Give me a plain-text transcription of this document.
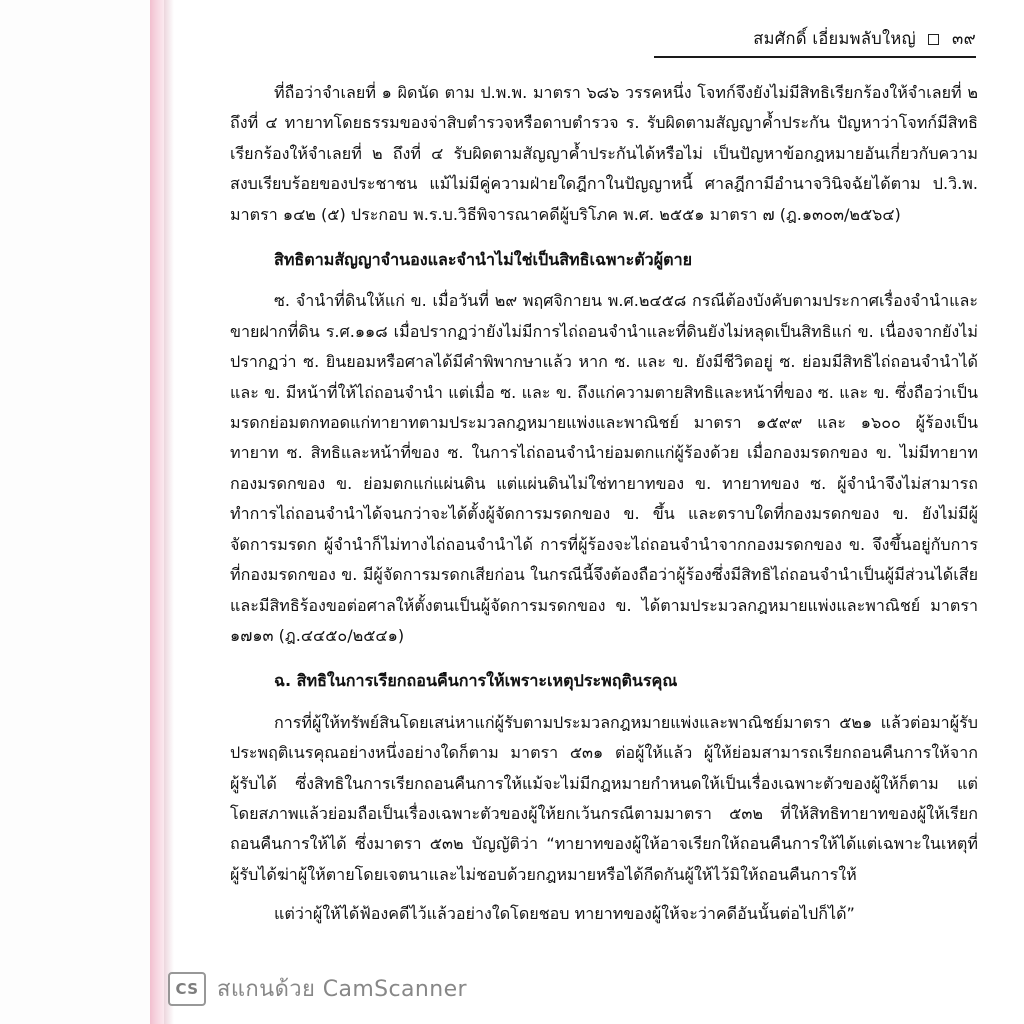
สมศักดิ์ เอี่ยมพลับใหญ่ ๓๙

ที่ถือว่าจำเลยที่ ๑ ผิดนัด ตาม ป.พ.พ. มาตรา ๖๘๖ วรรคหนึ่ง โจทก์จึงยังไม่มีสิทธิเรียกร้องให้จำเลยที่ ๒ ถึงที่ ๔ ทายาทโดยธรรมของจ่าสิบตำรวจหรือดาบตำรวจ ร. รับผิดตามสัญญาค้ำประกัน ปัญหาว่าโจทก์มีสิทธิเรียกร้องให้จำเลยที่ ๒ ถึงที่ ๔ รับผิดตามสัญญาค้ำประกันได้หรือไม่ เป็นปัญหาข้อกฎหมายอันเกี่ยวกับความสงบเรียบร้อยของประชาชน แม้ไม่มีคู่ความฝ่ายใดฎีกาในปัญญาหนี้ ศาลฎีกามีอำนาจวินิจฉัยได้ตาม ป.วิ.พ. มาตรา ๑๔๒ (๕) ประกอบ พ.ร.บ.วิธีพิจารณาคดีผู้บริโภค พ.ศ. ๒๕๕๑ มาตรา ๗ (ฎ.๑๓๐๓/๒๕๖๔)

สิทธิตามสัญญาจำนองและจำนำไม่ใช่เป็นสิทธิเฉพาะตัวผู้ตาย

ซ. จำนำที่ดินให้แก่ ข. เมื่อวันที่ ๒๙ พฤศจิกายน พ.ศ.๒๔๕๘ กรณีต้องบังคับตามประกาศเรื่องจำนำและขายฝากที่ดิน ร.ศ.๑๑๘ เมื่อปรากฏว่ายังไม่มีการไถ่ถอนจำนำและที่ดินยังไม่หลุดเป็นสิทธิแก่ ข. เนื่องจากยังไม่ปรากฏว่า ซ. ยินยอมหรือศาลได้มีคำพิพากษาแล้ว หาก ซ. และ ข. ยังมีชีวิตอยู่ ซ. ย่อมมีสิทธิไถ่ถอนจำนำได้ และ ข. มีหน้าที่ให้ไถ่ถอนจำนำ แต่เมื่อ ซ. และ ข. ถึงแก่ความตายสิทธิและหน้าที่ของ ซ. และ ข. ซึ่งถือว่าเป็นมรดกย่อมตกทอดแก่ทายาทตามประมวลกฎหมายแพ่งและพาณิชย์ มาตรา ๑๕๙๙ และ ๑๖๐๐ ผู้ร้องเป็นทายาท ซ. สิทธิและหน้าที่ของ ซ. ในการไถ่ถอนจำนำย่อมตกแก่ผู้ร้องด้วย เมื่อกองมรดกของ ข. ไม่มีทายาท กองมรดกของ ข. ย่อมตกแก่แผ่นดิน แต่แผ่นดินไม่ใช่ทายาทของ ข. ทายาทของ ซ. ผู้จำนำจึงไม่สามารถทำการไถ่ถอนจำนำได้จนกว่าจะได้ตั้งผู้จัดการมรดกของ ข. ขึ้น และตราบใดที่กองมรดกของ ข. ยังไม่มีผู้จัดการมรดก ผู้จำนำก็ไม่ทางไถ่ถอนจำนำได้ การที่ผู้ร้องจะไถ่ถอนจำนำจากกองมรดกของ ข. จึงขึ้นอยู่กับการที่กองมรดกของ ข. มีผู้จัดการมรดกเสียก่อน ในกรณีนี้จึงต้องถือว่าผู้ร้องซึ่งมีสิทธิไถ่ถอนจำนำเป็นผู้มีส่วนได้เสียและมีสิทธิร้องขอต่อศาลให้ตั้งตนเป็นผู้จัดการมรดกของ ข. ได้ตามประมวลกฎหมายแพ่งและพาณิชย์ มาตรา ๑๗๑๓ (ฎ.๔๔๕๐/๒๕๔๑)

ฉ. สิทธิในการเรียกถอนคืนการให้เพราะเหตุประพฤตินรคุณ

การที่ผู้ให้ทรัพย์สินโดยเสน่หาแก่ผู้รับตามประมวลกฎหมายแพ่งและพาณิชย์มาตรา ๕๒๑ แล้วต่อมาผู้รับประพฤติเนรคุณอย่างหนึ่งอย่างใดก็ตาม มาตรา ๕๓๑ ต่อผู้ให้แล้ว ผู้ให้ย่อมสามารถเรียกถอนคืนการให้จากผู้รับได้ ซึ่งสิทธิในการเรียกถอนคืนการให้แม้จะไม่มีกฎหมายกำหนดให้เป็นเรื่องเฉพาะตัวของผู้ให้ก็ตาม แต่โดยสภาพแล้วย่อมถือเป็นเรื่องเฉพาะตัวของผู้ให้ยกเว้นกรณีตามมาตรา ๕๓๒ ที่ให้สิทธิทายาทของผู้ให้เรียกถอนคืนการให้ได้ ซึ่งมาตรา ๕๓๒ บัญญัติว่า “ทายาทของผู้ให้อาจเรียกให้ถอนคืนการให้ได้แต่เฉพาะในเหตุที่ผู้รับได้ฆ่าผู้ให้ตายโดยเจตนาและไม่ชอบด้วยกฎหมายหรือได้กีดกันผู้ให้ไว้มิให้ถอนคืนการให้

แต่ว่าผู้ให้ได้ฟ้องคดีไว้แล้วอย่างใดโดยชอบ ทายาทของผู้ให้จะว่าคดีอันนั้นต่อไปก็ได้”

CS สแกนด้วย CamScanner
